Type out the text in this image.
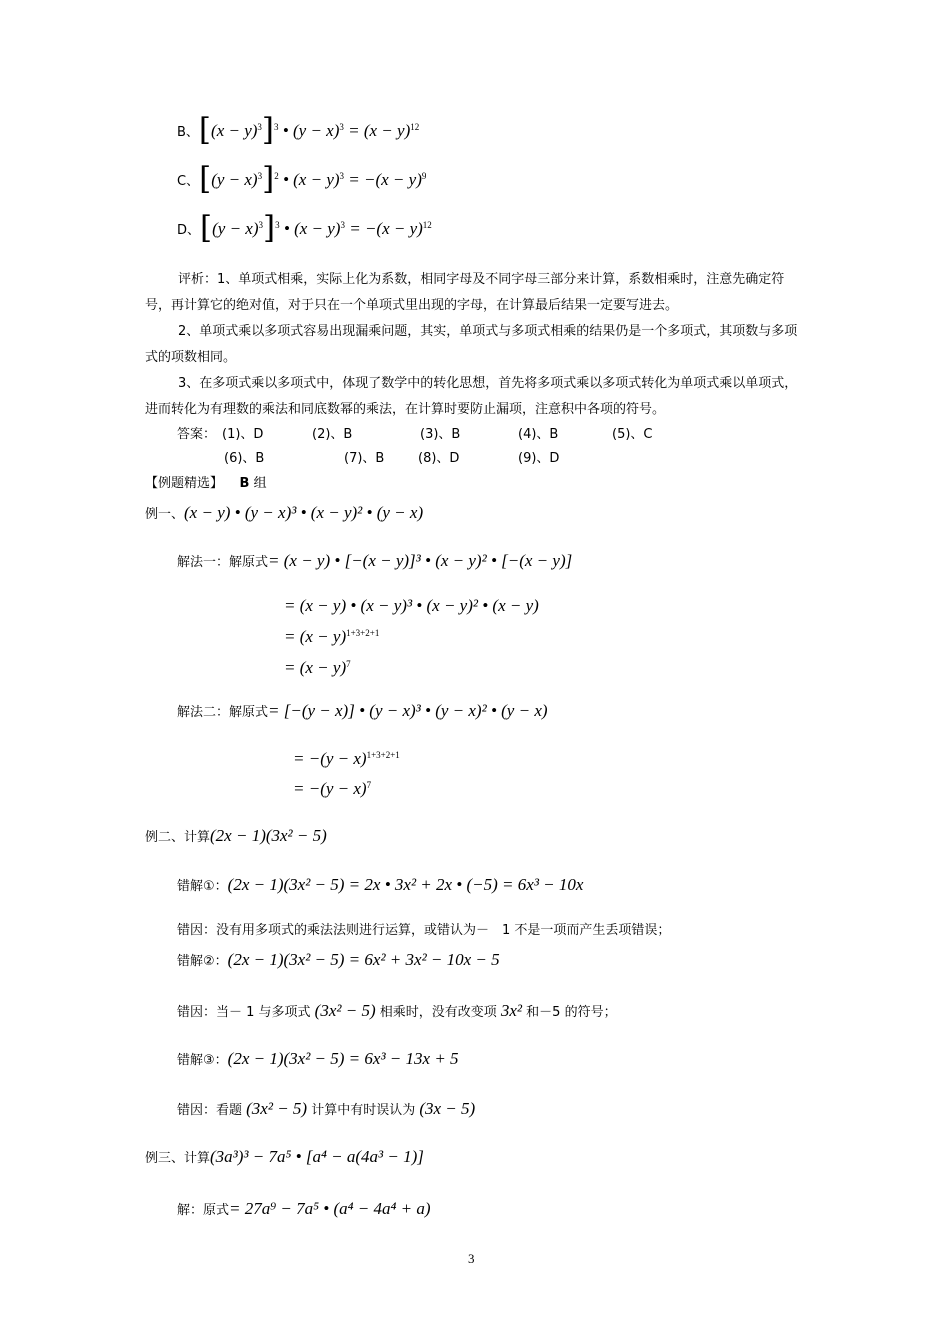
B、$[(x - y)^3]^3$ • $(y - x)^3 = (x - y)^{12}$
C、$[(y - x)^3]^2$ • $(x - y)^3 = -(x - y)^9$
D、$[(y - x)^3]^3$ • $(x - y)^3 = -(x - y)^{12}$
评析：1、单项式相乘，实际上化为系数，相同字母及不同字母三部分来计算，系数相乘时，注意先确定符号，再计算它的绝对值，对于只在一个单项式里出现的字母，在计算最后结果一定要写进去。
2、单项式乘以多项式容易出现漏乘问题，其实，单项式与多项式相乘的结果仍是一个多项式，其项数与多项式的项数相同。
3、在多项式乘以多项式中，体现了数学中的转化思想，首先将多项式乘以多项式转化为单项式乘以单项式，进而转化为有理数的乘法和同底数幂的乘法，在计算时要防止漏项，注意积中各项的符号。
答案： (1)、D	(2)、B	(3)、B	(4)、B	(5)、C
(6)、B	(7)、B	(8)、D	(9)、D
【例题精选】 B 组
例一、(x − y) • (y − x)³ • (x − y)² • (y − x)
解法一：解原式= (x − y) • [−(x − y)]³ • (x − y)² • [−(x − y)]
= (x − y) • (x − y)³ • (x − y)² • (x − y)
= $(x - y)^{1+3+2+1}$
= $(x - y)^7$
解法二：解原式= [−(y − x)] • (y − x)³ • (y − x)² • (y − x)
= $-(y - x)^{1+3+2+1}$
= $-(y - x)^7$
例二、计算(2x − 1)(3x² − 5)
错解①：(2x − 1)(3x² − 5) = 2x • 3x² + 2x • (−5) = 6x³ − 10x
错因：没有用多项式的乘法法则进行运算，或错认为－　1 不是一项而产生丢项错误；
错解②：(2x − 1)(3x² − 5) = 6x² + 3x² − 10x − 5
错因：当－ 1 与多项式 (3x² − 5) 相乘时，没有改变项 3x² 和－5 的符号；
错解③：(2x − 1)(3x² − 5) = 6x³ − 13x + 5
错因：看题 (3x² − 5) 计算中有时误认为 (3x − 5)
例三、计算(3a³)³ − 7a⁵ • [a⁴ − a(4a³ − 1)]
解：原式= 27a⁹ − 7a⁵ • (a⁴ − 4a⁴ + a)
3
